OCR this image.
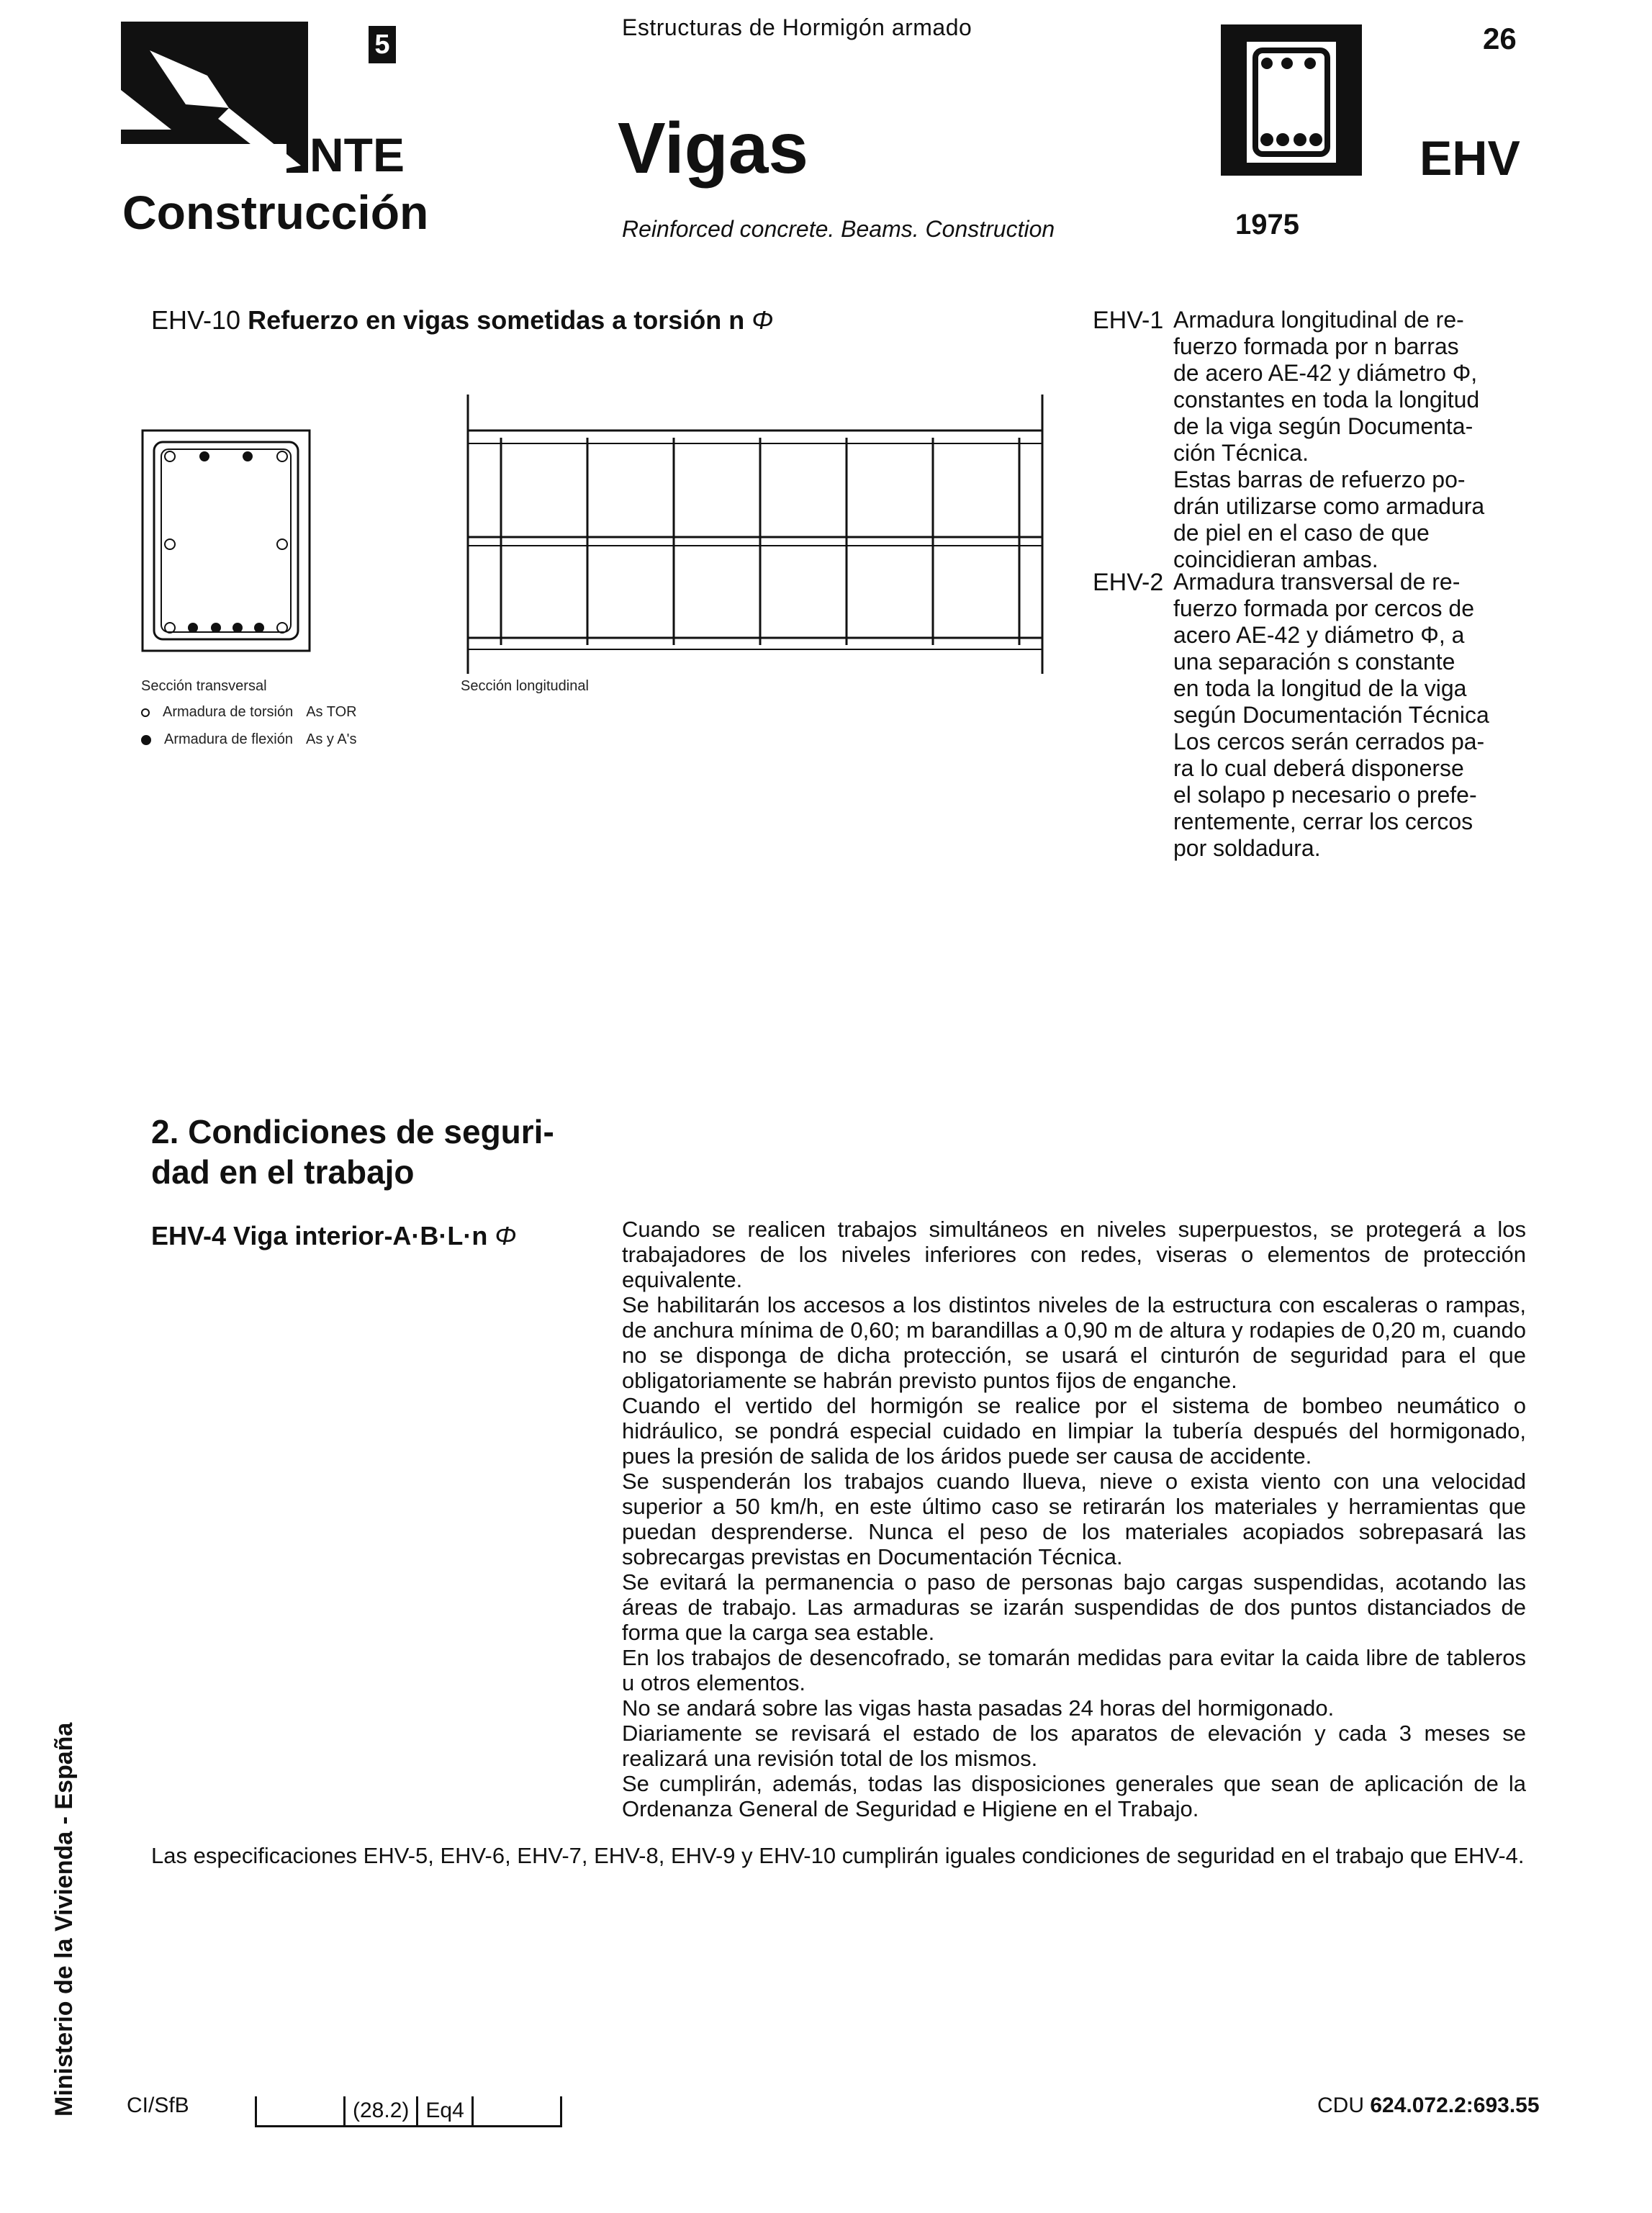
5
NTE
Construcción
Estructuras de Hormigón armado
Vigas
Reinforced concrete. Beams. Construction
26
1975
EHV
EHV-10 Refuerzo en vigas sometidas a torsión n Φ
Sección transversal	Sección longitudinal
Armadura de torsión As TOR
Armadura de flexión As y A's
EHV-1 Armadura longitudinal de re-
fuerzo formada por n barras
de acero AE-42 y diámetro Φ,
constantes en toda la longitud
de la viga según Documenta-
ción Técnica.
Estas barras de refuerzo po-
drán utilizarse como armadura
de piel en el caso de que
coincidieran ambas.
EHV-2 Armadura transversal de re-
fuerzo formada por cercos de
acero AE-42 y diámetro Φ, a
una separación s constante
en toda la longitud de la viga
según Documentación Técnica
Los cercos serán cerrados pa-
ra lo cual deberá disponerse
el solapo p necesario o prefe-
rentemente, cerrar los cercos
por soldadura.
2. Condiciones de seguri-
dad en el trabajo
EHV-4 Viga interior-A·B·L·n Φ	Cuando se realicen trabajos simultáneos en niveles superpuestos, se protegerá a los trabajadores de los niveles inferiores con redes, viseras o elementos de protección equivalente.

Se habilitarán los accesos a los distintos niveles de la estructura con escaleras o rampas, de anchura mínima de 0,60; m barandillas a 0,90 m de altura y rodapies de 0,20 m, cuando no se disponga de dicha protección, se usará el cinturón de seguridad para el que obligatoriamente se habrán previsto puntos fijos de enganche.

Cuando el vertido del hormigón se realice por el sistema de bombeo neumático o hidráulico, se pondrá especial cuidado en limpiar la tubería después del hormigonado, pues la presión de salida de los áridos puede ser causa de accidente.

Se suspenderán los trabajos cuando llueva, nieve o exista viento con una velocidad superior a 50 km/h, en este último caso se retirarán los materiales y herramientas que puedan desprenderse. Nunca el peso de los materiales acopiados sobrepasará las sobrecargas previstas en Documentación Técnica.

Se evitará la permanencia o paso de personas bajo cargas suspendidas, acotando las áreas de trabajo. Las armaduras se izarán suspendidas de dos puntos distanciados de forma que la carga sea estable.

En los trabajos de desencofrado, se tomarán medidas para evitar la caida libre de tableros u otros elementos.

No se andará sobre las vigas hasta pasadas 24 horas del hormigonado.

Diariamente se revisará el estado de los aparatos de elevación y cada 3 meses se realizará una revisión total de los mismos.

Se cumplirán, además, todas las disposiciones generales que sean de aplicación de la Ordenanza General de Seguridad e Higiene en el Trabajo.

Las especificaciones EHV-5, EHV-6, EHV-7, EHV-8, EHV-9 y EHV-10 cumplirán iguales condiciones de seguridad en el trabajo que EHV-4.
Ministerio de la Vivienda - España CI/SfB	(28.2) Eq4	CDU 624.072.2:693.55
